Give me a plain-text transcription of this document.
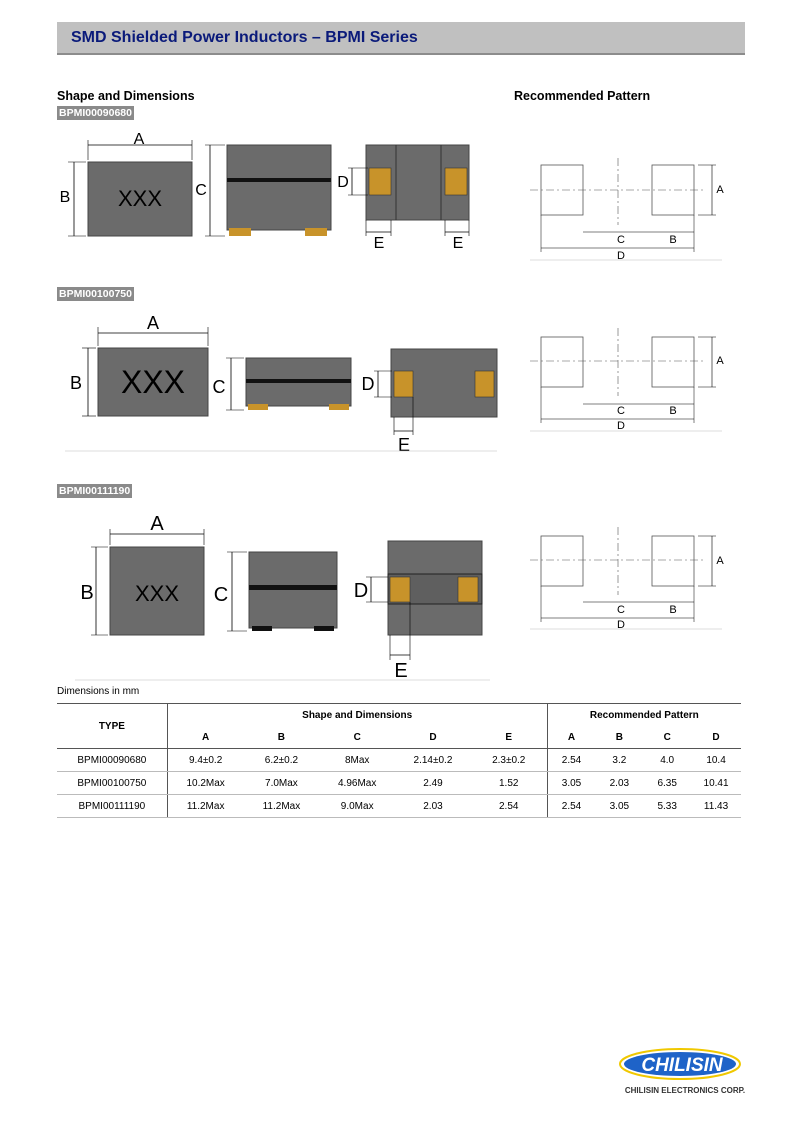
SMD Shielded Power Inductors – BPMI Series
Shape and Dimensions	Recommended Pattern
BPMI00090680
BPMI00100750
BPMI00111190
XXX
A
B	C	D
E	E
A
C	B
D
XXX
A
B	C	D
E
A
C	B
D
XXX
A
B	C	D
E
A
C	B
D
Dimensions in mm
TYPE	Shape and Dimensions					Recommended Pattern			
	A	B	C	D	E	A	B	C	D
BPMI00090680	9.4±0.2	6.2±0.2	8Max	2.14±0.2	2.3±0.2	2.54	3.2	4.0	10.4
BPMI00100750	10.2Max	7.0Max	4.96Max	2.49	1.52	3.05	2.03	6.35	10.41
BPMI00111190	11.2Max	11.2Max	9.0Max	2.03	2.54	2.54	3.05	5.33	11.43
CHILISIN
CHILISIN ELECTRONICS CORP.
